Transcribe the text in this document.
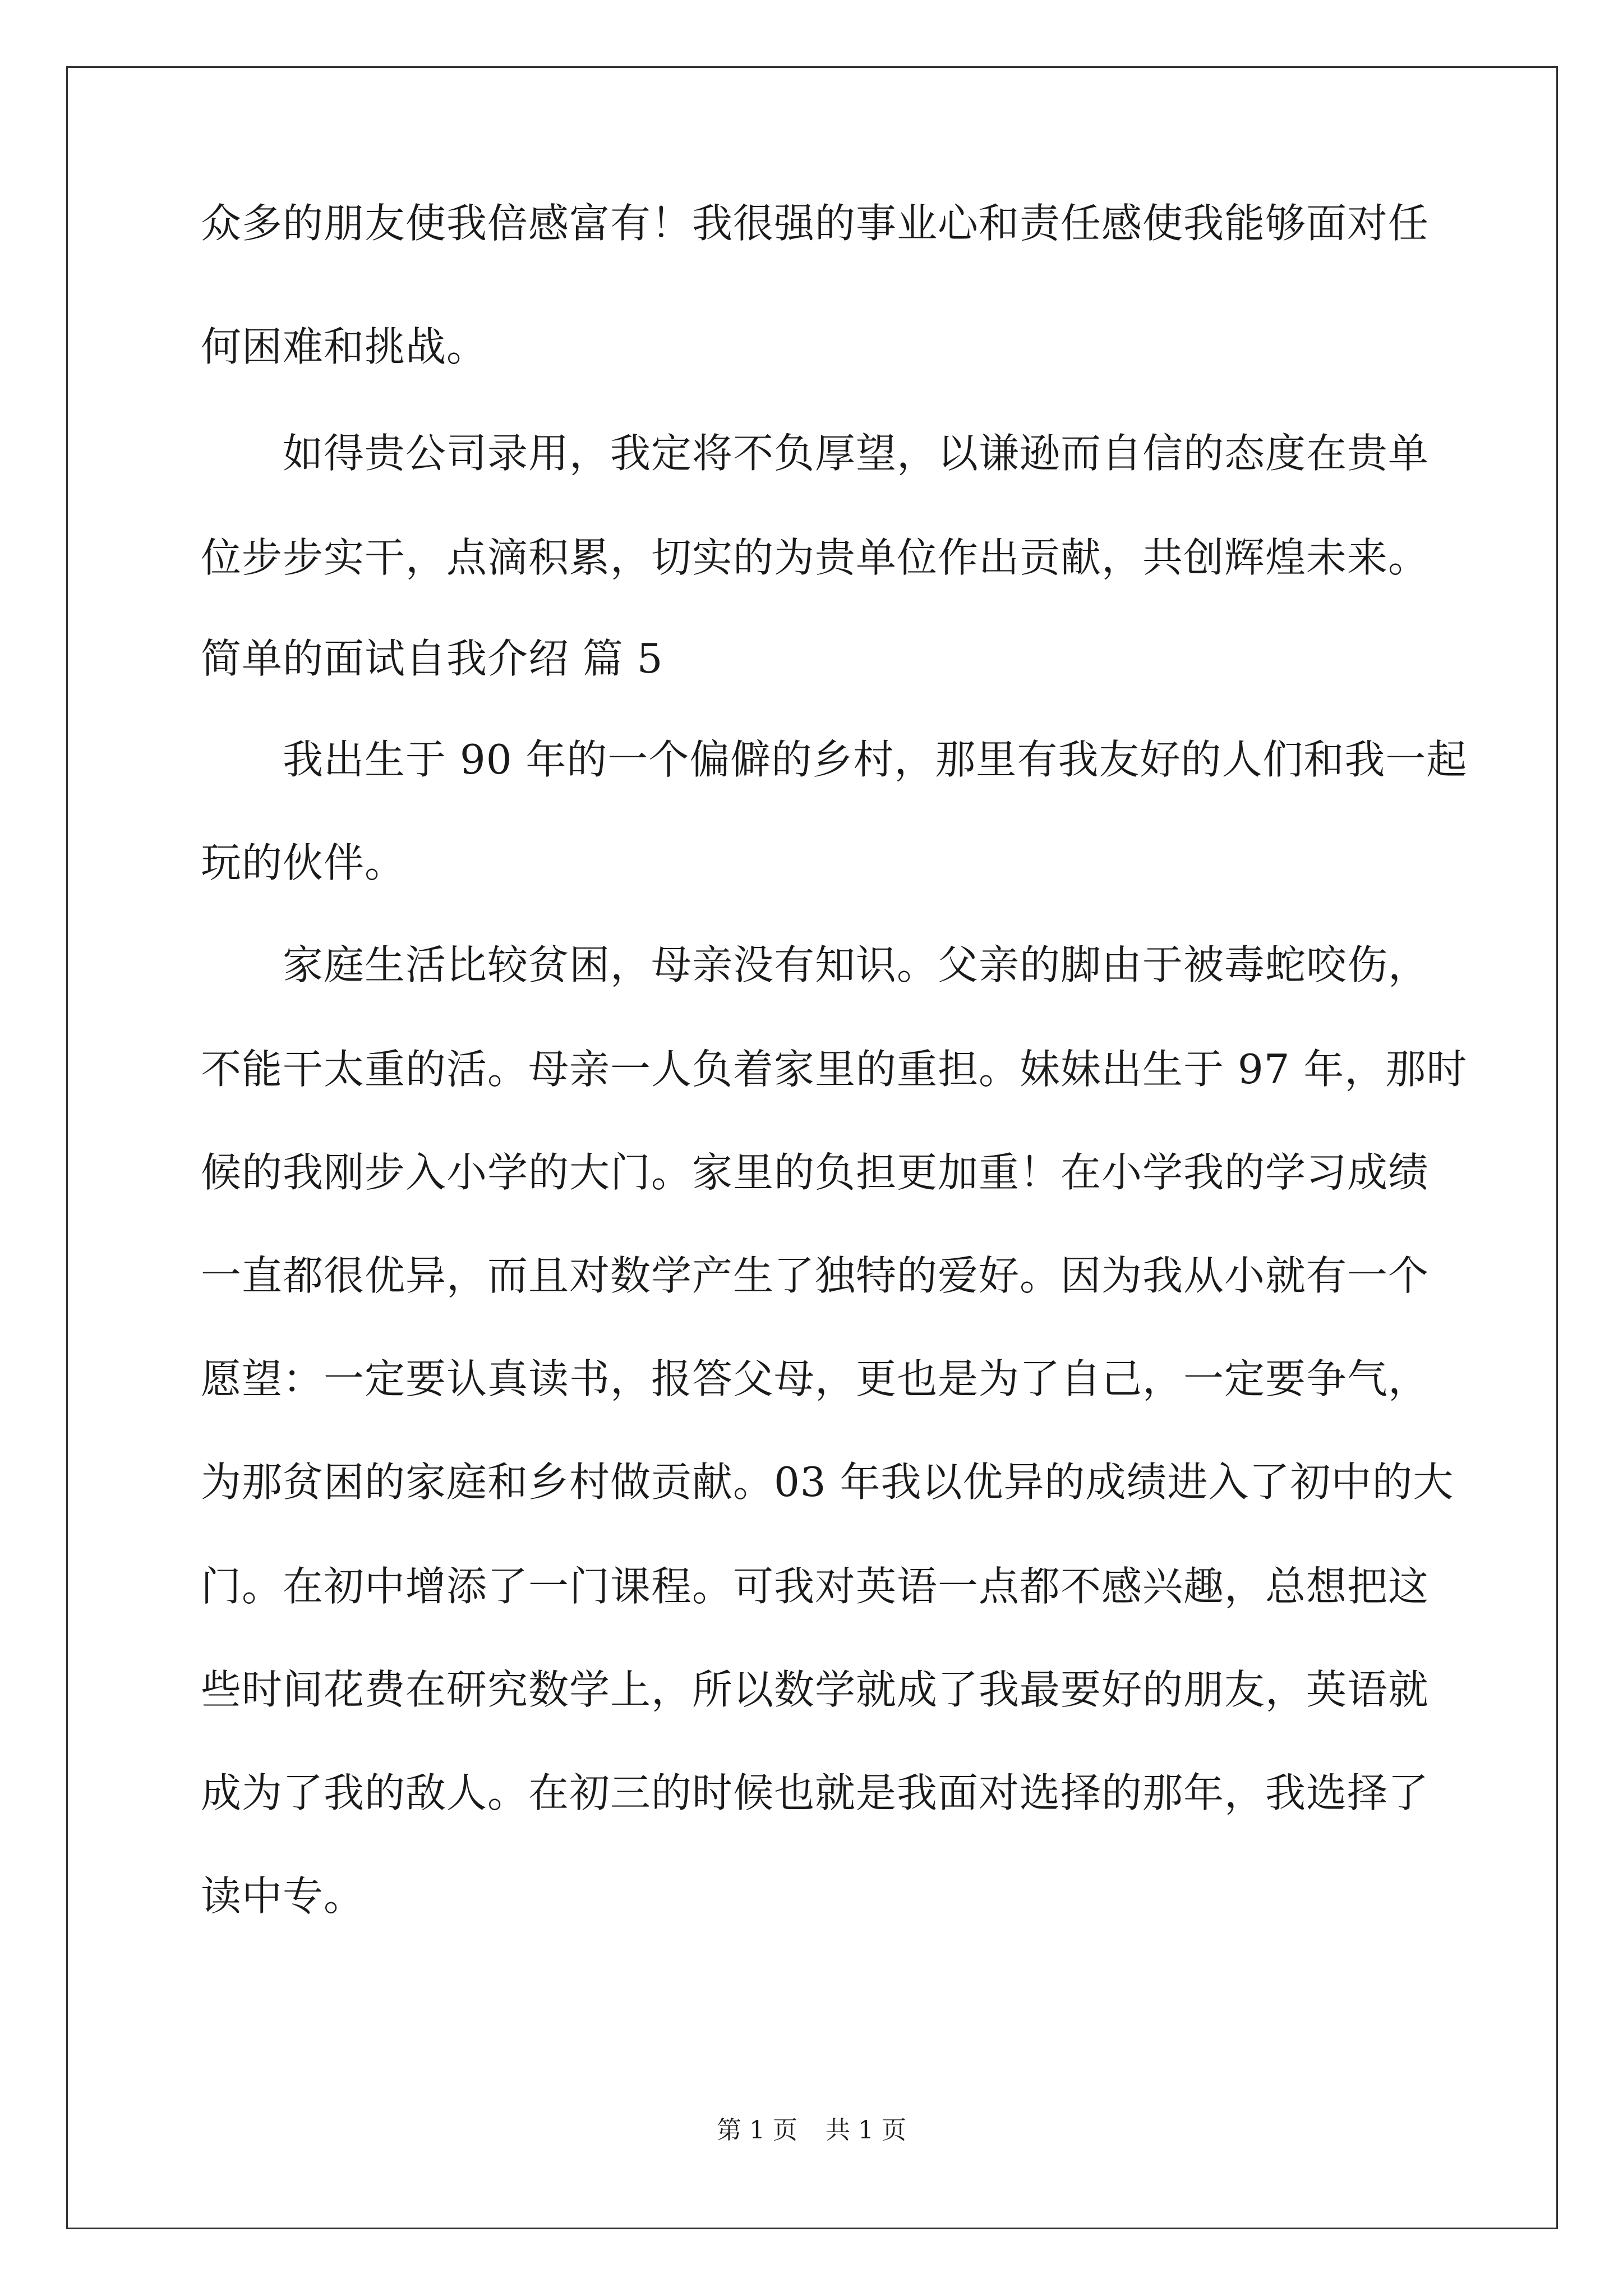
众多的朋友使我倍感富有！我很强的事业心和责任感使我能够面对任
何困难和挑战。
如得贵公司录用，我定将不负厚望，以谦逊而自信的态度在贵单
位步步实干，点滴积累，切实的为贵单位作出贡献，共创辉煌未来。
简单的面试自我介绍 篇 5
我出生于 90 年的一个偏僻的乡村，那里有我友好的人们和我一起
玩的伙伴。
家庭生活比较贫困，母亲没有知识。父亲的脚由于被毒蛇咬伤，
不能干太重的活。母亲一人负着家里的重担。妹妹出生于 97 年，那时
候的我刚步入小学的大门。家里的负担更加重！在小学我的学习成绩
一直都很优异，而且对数学产生了独特的爱好。因为我从小就有一个
愿望：一定要认真读书，报答父母，更也是为了自己，一定要争气，
为那贫困的家庭和乡村做贡献。03 年我以优异的成绩进入了初中的大
门。在初中增添了一门课程。可我对英语一点都不感兴趣，总想把这
些时间花费在研究数学上，所以数学就成了我最要好的朋友，英语就
成为了我的敌人。在初三的时候也就是我面对选择的那年，我选择了
读中专。
第 1 页 共 1 页
